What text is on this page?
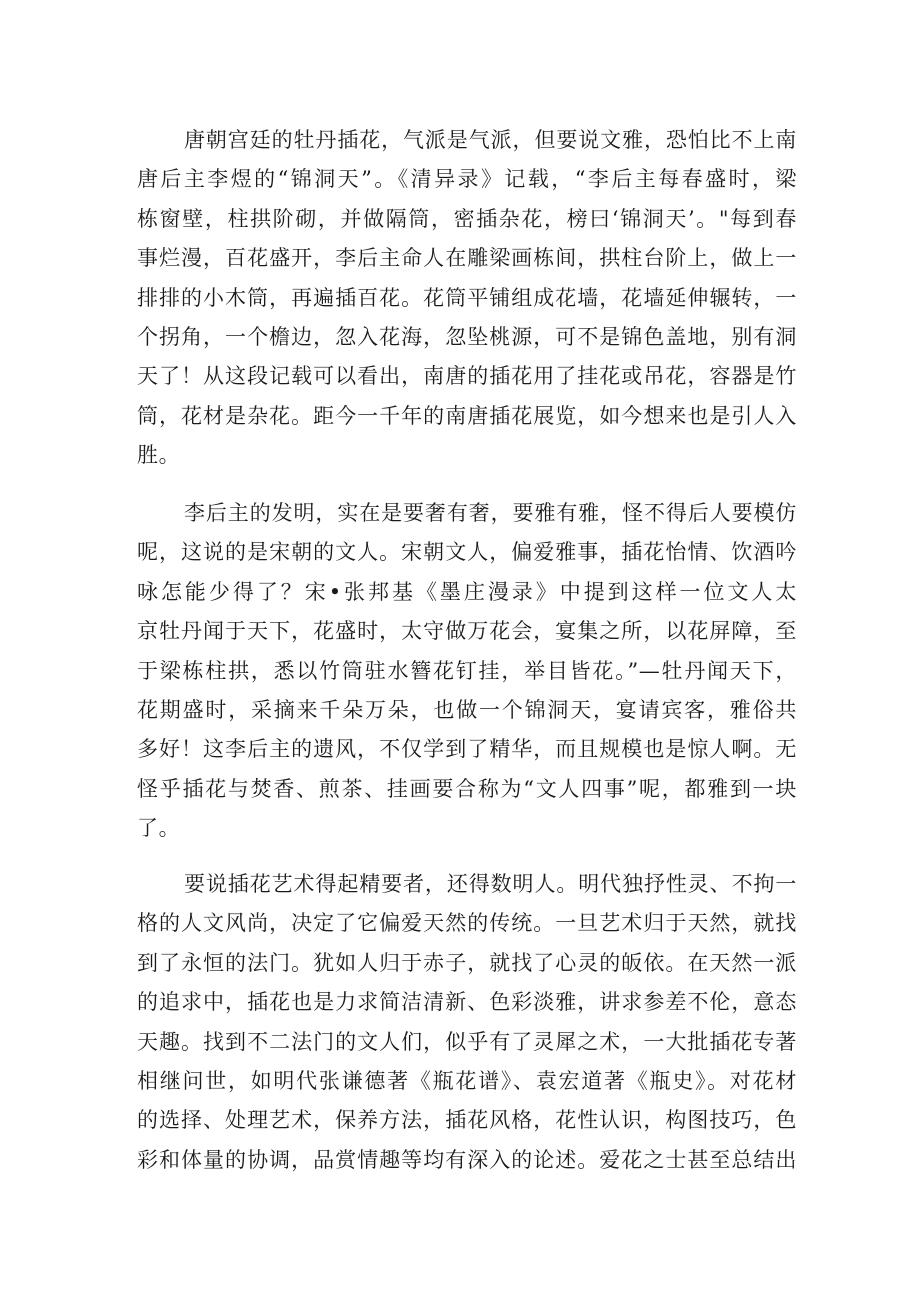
唐朝宫廷的牡丹插花，气派是气派，但要说文雅，恐怕比不上南
唐后主李煜的“锦洞天”。《清异录》记载，“李后主每春盛时，梁
栋窗壁，柱拱阶砌，并做隔筒，密插杂花，榜曰‘锦洞天’。"每到春
事烂漫，百花盛开，李后主命人在雕梁画栋间，拱柱台阶上，做上一
排排的小木筒，再遍插百花。花筒平铺组成花墙，花墙延伸辗转，一
个拐角，一个檐边，忽入花海，忽坠桃源，可不是锦色盖地，别有洞
天了！从这段记载可以看出，南唐的插花用了挂花或吊花，容器是竹
筒，花材是杂花。距今一千年的南唐插花展览，如今想来也是引人入
胜。
李后主的发明，实在是要奢有奢，要雅有雅，怪不得后人要模仿
呢，这说的是宋朝的文人。宋朝文人，偏爱雅事，插花怡情、饮酒吟
咏怎能少得了？宋•张邦基《墨庄漫录》中提到这样一位文人太
京牡丹闻于天下，花盛时，太守做万花会，宴集之所，以花屏障，至
于梁栋柱拱，悉以竹筒驻水簪花钉挂，举目皆花。”—牡丹闻天下，
花期盛时，采摘来千朵万朵，也做一个锦洞天，宴请宾客，雅俗共
多好！这李后主的遗风，不仅学到了精华，而且规模也是惊人啊。无
怪乎插花与焚香、煎茶、挂画要合称为“文人四事”呢，都雅到一块
了。
要说插花艺术得起精要者，还得数明人。明代独抒性灵、不拘一
格的人文风尚，决定了它偏爱天然的传统。一旦艺术归于天然，就找
到了永恒的法门。犹如人归于赤子，就找了心灵的皈依。在天然一派
的追求中，插花也是力求简洁清新、色彩淡雅，讲求参差不伦，意态
天趣。找到不二法门的文人们，似乎有了灵犀之术，一大批插花专著
相继问世，如明代张谦德著《瓶花谱》、袁宏道著《瓶史》。对花材
的选择、处理艺术，保养方法，插花风格，花性认识，构图技巧，色
彩和体量的协调，品赏情趣等均有深入的论述。爱花之士甚至总结出
